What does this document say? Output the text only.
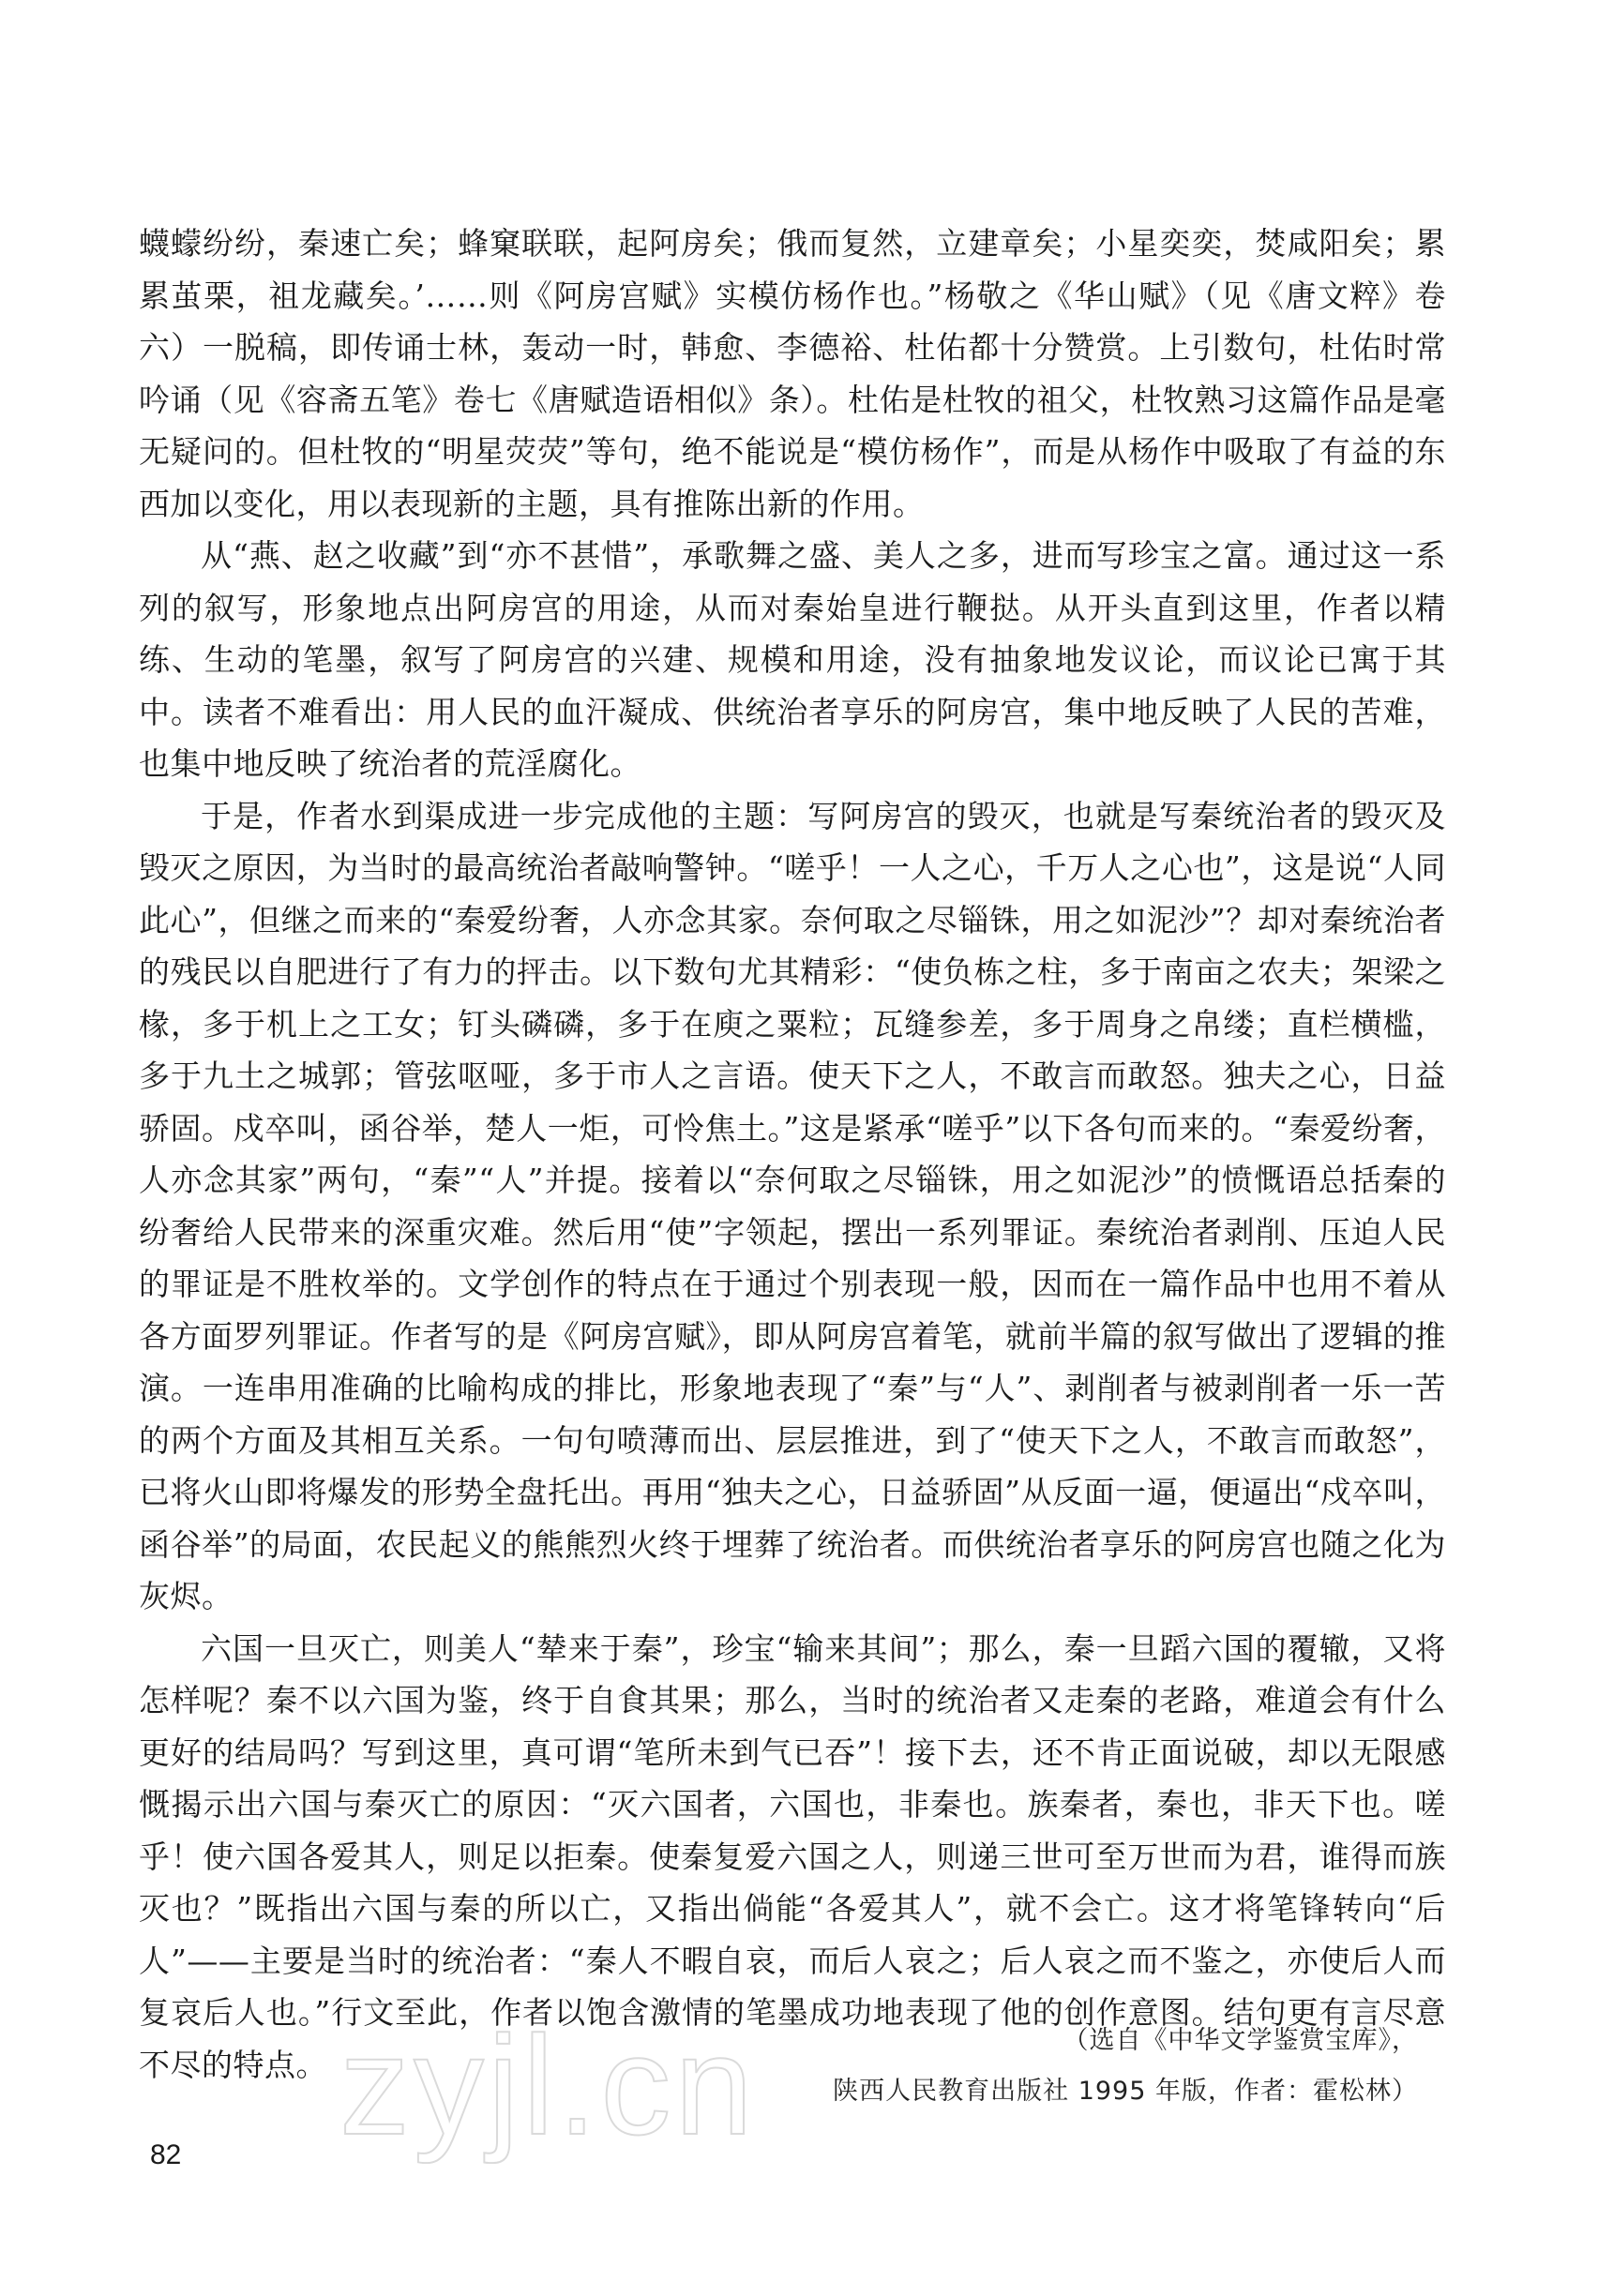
蠛蠓纷纷，秦速亡矣；蜂窠联联，起阿房矣；俄而复然，立建章矣；小星奕奕，焚咸阳矣；累累茧栗，祖龙藏矣。’……则《阿房宫赋》实模仿杨作也。”杨敬之《华山赋》（见《唐文粹》卷六）一脱稿，即传诵士林，轰动一时，韩愈、李德裕、杜佑都十分赞赏。上引数句，杜佑时常吟诵（见《容斋五笔》卷七《唐赋造语相似》条）。杜佑是杜牧的祖父，杜牧熟习这篇作品是毫无疑问的。但杜牧的“明星荧荧”等句，绝不能说是“模仿杨作”，而是从杨作中吸取了有益的东西加以变化，用以表现新的主题，具有推陈出新的作用。

从“燕、赵之收藏”到“亦不甚惜”，承歌舞之盛、美人之多，进而写珍宝之富。通过这一系列的叙写，形象地点出阿房宫的用途，从而对秦始皇进行鞭挞。从开头直到这里，作者以精练、生动的笔墨，叙写了阿房宫的兴建、规模和用途，没有抽象地发议论，而议论已寓于其中。读者不难看出：用人民的血汗凝成、供统治者享乐的阿房宫，集中地反映了人民的苦难，也集中地反映了统治者的荒淫腐化。

于是，作者水到渠成进一步完成他的主题：写阿房宫的毁灭，也就是写秦统治者的毁灭及毁灭之原因，为当时的最高统治者敲响警钟。“嗟乎！一人之心，千万人之心也”，这是说“人同此心”，但继之而来的“秦爱纷奢，人亦念其家。奈何取之尽锱铢，用之如泥沙”？却对秦统治者的残民以自肥进行了有力的抨击。以下数句尤其精彩：“使负栋之柱，多于南亩之农夫；架梁之椽，多于机上之工女；钉头磷磷，多于在庾之粟粒；瓦缝参差，多于周身之帛缕；直栏横槛，多于九土之城郭；管弦呕哑，多于市人之言语。使天下之人，不敢言而敢怒。独夫之心，日益骄固。戍卒叫，函谷举，楚人一炬，可怜焦土。”这是紧承“嗟乎”以下各句而来的。“秦爱纷奢，人亦念其家”两句，“秦”“人”并提。接着以“奈何取之尽锱铢，用之如泥沙”的愤慨语总括秦的纷奢给人民带来的深重灾难。然后用“使”字领起，摆出一系列罪证。秦统治者剥削、压迫人民的罪证是不胜枚举的。文学创作的特点在于通过个别表现一般，因而在一篇作品中也用不着从各方面罗列罪证。作者写的是《阿房宫赋》，即从阿房宫着笔，就前半篇的叙写做出了逻辑的推演。一连串用准确的比喻构成的排比，形象地表现了“秦”与“人”、剥削者与被剥削者一乐一苦的两个方面及其相互关系。一句句喷薄而出、层层推进，到了“使天下之人，不敢言而敢怒”，已将火山即将爆发的形势全盘托出。再用“独夫之心，日益骄固”从反面一逼，便逼出“戍卒叫，函谷举”的局面，农民起义的熊熊烈火终于埋葬了统治者。而供统治者享乐的阿房宫也随之化为灰烬。

六国一旦灭亡，则美人“辇来于秦”，珍宝“输来其间”；那么，秦一旦蹈六国的覆辙，又将怎样呢？秦不以六国为鉴，终于自食其果；那么，当时的统治者又走秦的老路，难道会有什么更好的结局吗？写到这里，真可谓“笔所未到气已吞”！接下去，还不肯正面说破，却以无限感慨揭示出六国与秦灭亡的原因：“灭六国者，六国也，非秦也。族秦者，秦也，非天下也。嗟乎！使六国各爱其人，则足以拒秦。使秦复爱六国之人，则递三世可至万世而为君，谁得而族灭也？”既指出六国与秦的所以亡，又指出倘能“各爱其人”，就不会亡。这才将笔锋转向“后人”——主要是当时的统治者：“秦人不暇自哀，而后人哀之；后人哀之而不鉴之，亦使后人而复哀后人也。”行文至此，作者以饱含激情的笔墨成功地表现了他的创作意图。结句更有言尽意不尽的特点。

（选自《中华文学鉴赏宝库》，
陕西人民教育出版社 1995 年版，作者：霍松林）
zyjl.cn
82
